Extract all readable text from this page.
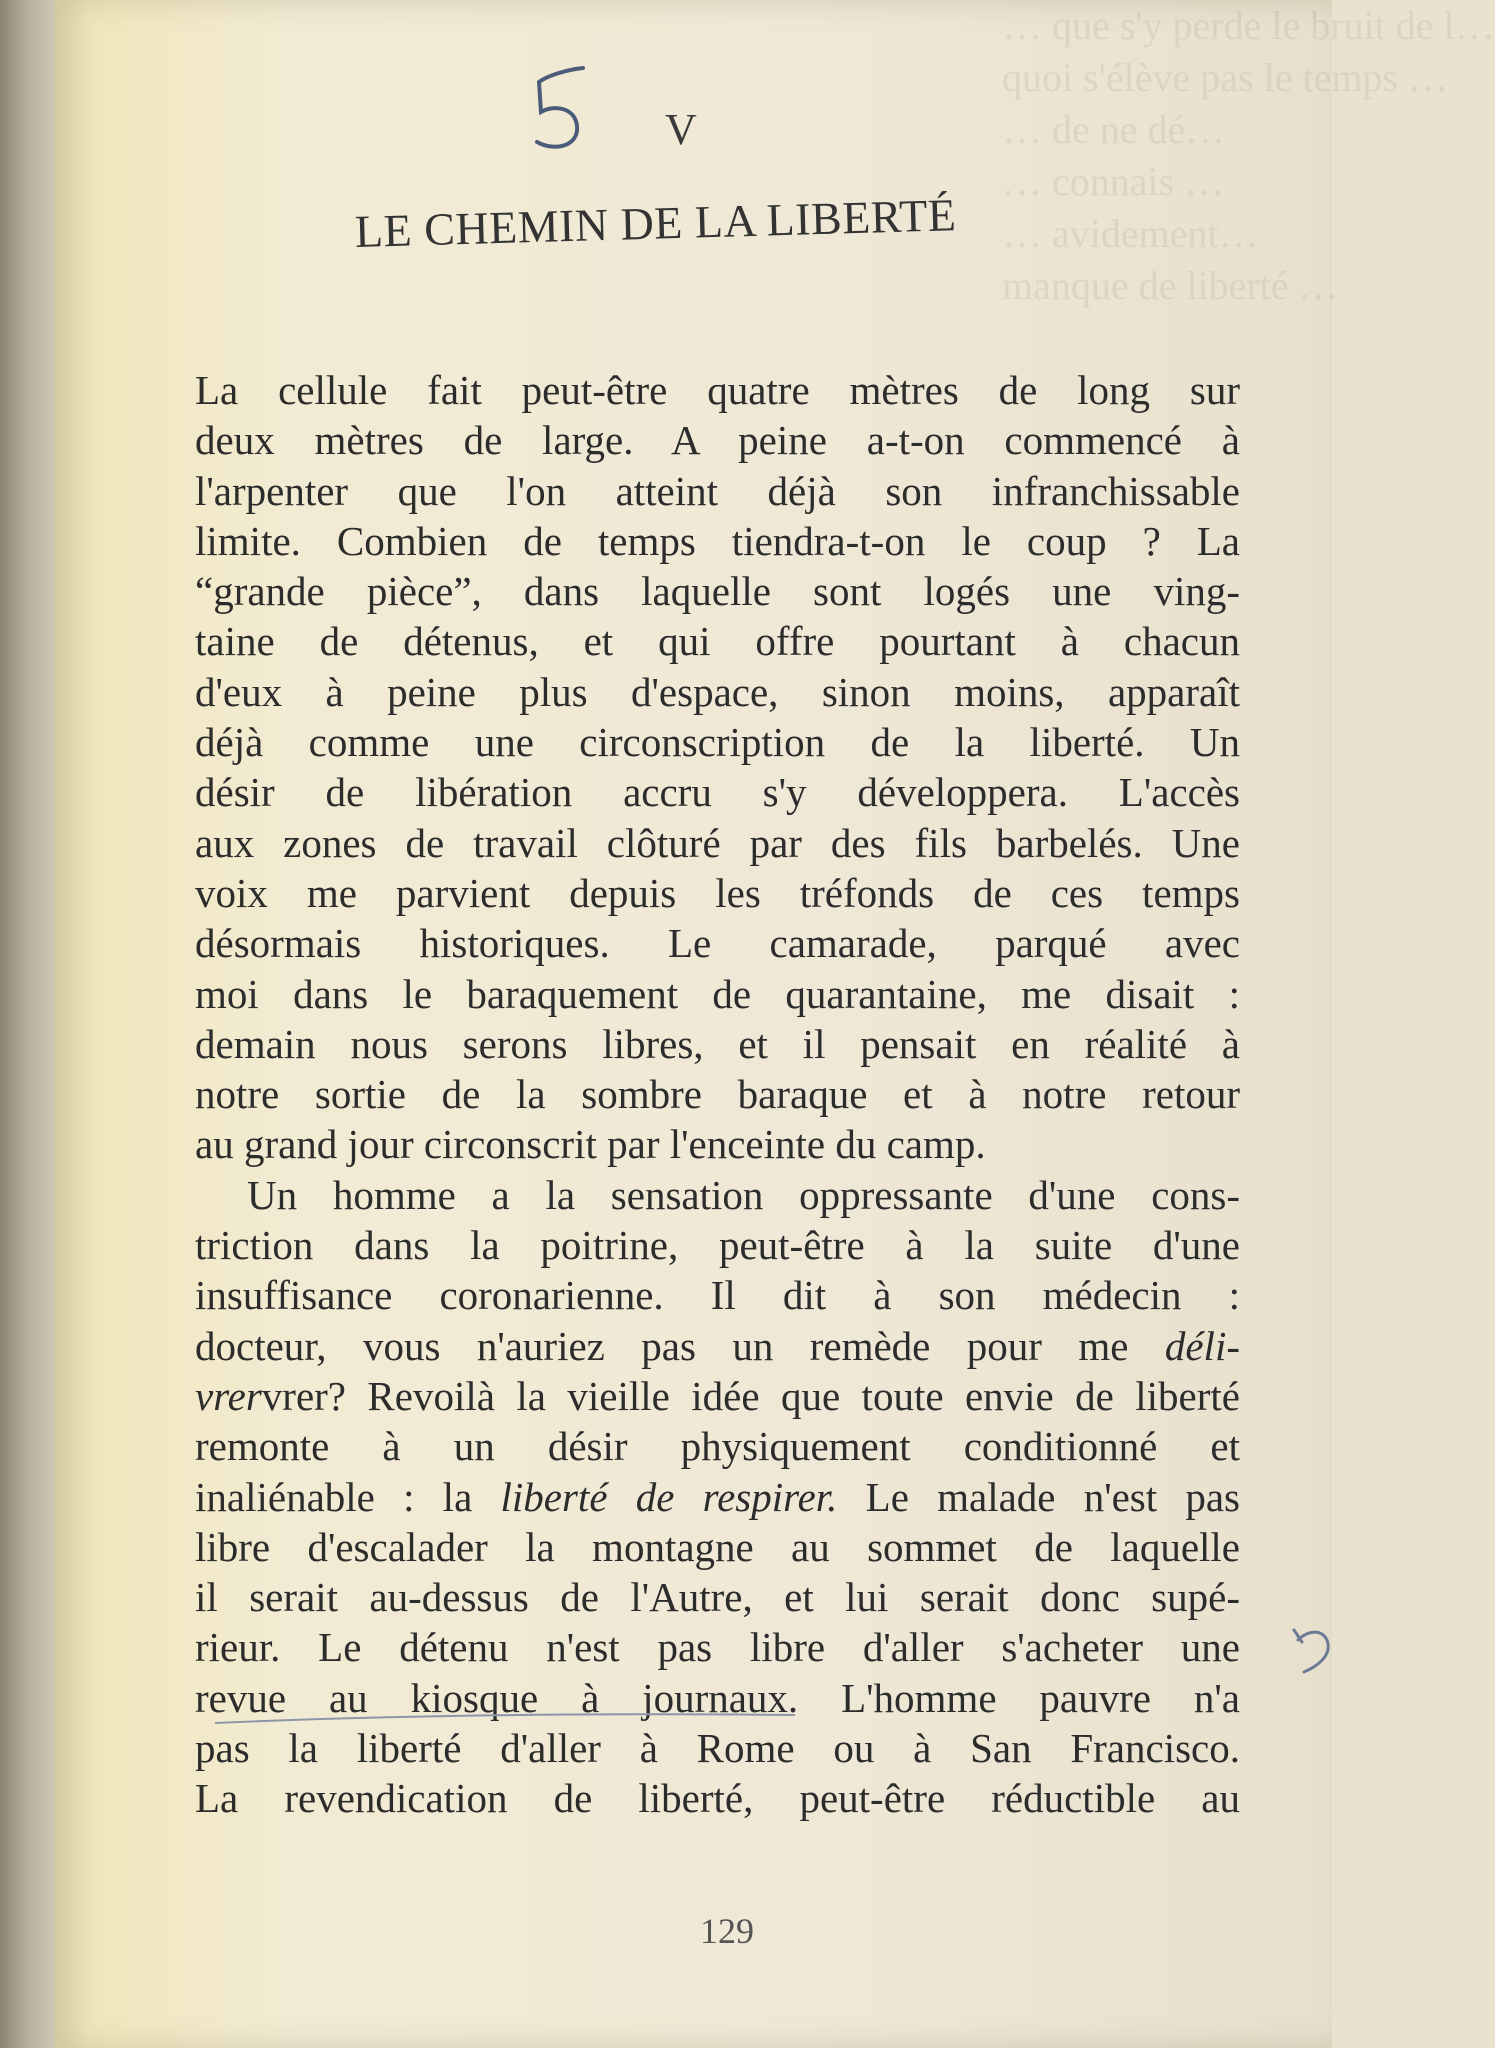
… que s'y perde le bruit de l…
quoi s'élève pas le temps …
… de ne dé…
… connais …
… avidement…
manque de liberté …
V
LE CHEMIN DE LA LIBERTÉ
La cellule fait peut-être quatre mètres de long sur
deux mètres de large. A peine a-t-on commencé à
l'arpenter que l'on atteint déjà son infranchissable
limite. Combien de temps tiendra-t-on le coup ? La
“grande pièce”, dans laquelle sont logés une ving-
taine de détenus, et qui offre pourtant à chacun
d'eux à peine plus d'espace, sinon moins, apparaît
déjà comme une circonscription de la liberté. Un
désir de libération accru s'y développera. L'accès
aux zones de travail clôturé par des fils barbelés. Une
voix me parvient depuis les tréfonds de ces temps
désormais historiques. Le camarade, parqué avec
moi dans le baraquement de quarantaine, me disait :
demain nous serons libres, et il pensait en réalité à
notre sortie de la sombre baraque et à notre retour
au grand jour circonscrit par l'enceinte du camp.
Un homme a la sensation oppressante d'une cons-
triction dans la poitrine, peut-être à la suite d'une
insuffisance coronarienne. Il dit à son médecin :
docteur, vous n'auriez pas un remède pour me déli-
vrervrer? Revoilà la vieille idée que toute envie de liberté
remonte à un désir physiquement conditionné et
inaliénable : la liberté de respirer. Le malade n'est pas
libre d'escalader la montagne au sommet de laquelle
il serait au-dessus de l'Autre, et lui serait donc supé-
rieur. Le détenu n'est pas libre d'aller s'acheter une
revue au kiosque à journaux. L'homme pauvre n'a
pas la liberté d'aller à Rome ou à San Francisco.
La revendication de liberté, peut-être réductible au
129
